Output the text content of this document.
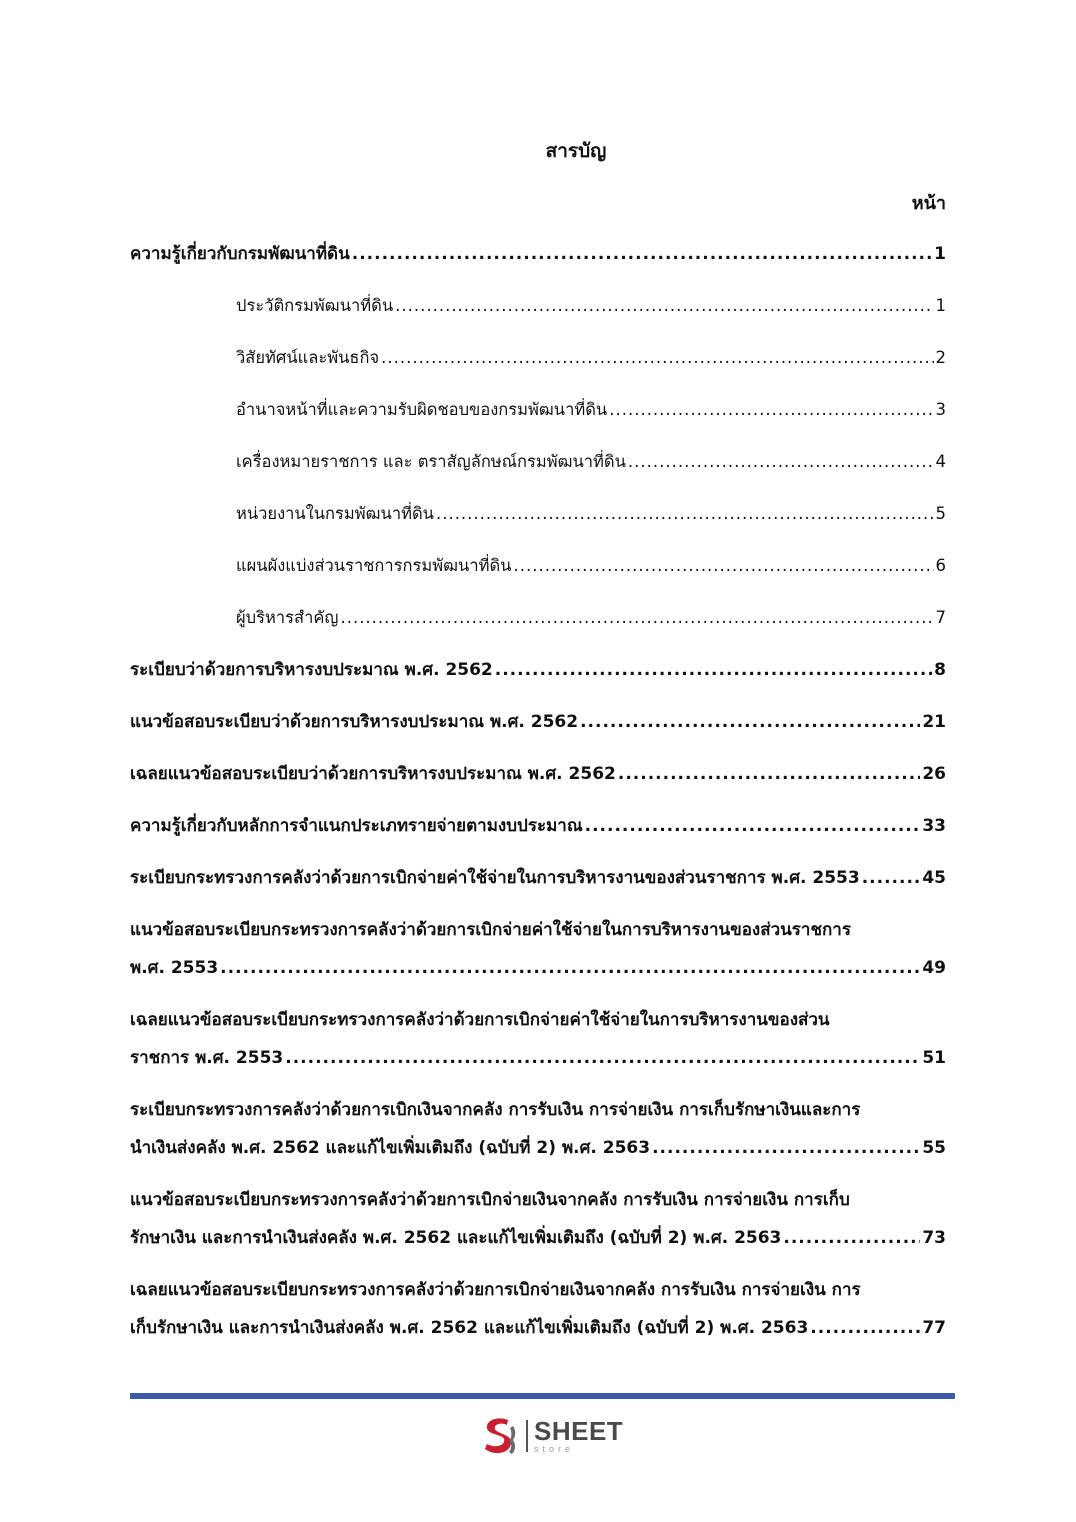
สารบัญ
หน้า
ความรู้เกี่ยวกับกรมพัฒนาที่ดิน .....	1
ประวัติกรมพัฒนาที่ดิน .....	1
วิสัยทัศน์และพันธกิจ .....	2
อำนาจหน้าที่และความรับผิดชอบของกรมพัฒนาที่ดิน .....	3
เครื่องหมายราชการ และ ตราสัญลักษณ์กรมพัฒนาที่ดิน .....	4
หน่วยงานในกรมพัฒนาที่ดิน .....	5
แผนผังแบ่งส่วนราชการกรมพัฒนาที่ดิน .....	6
ผู้บริหารสำคัญ .....	7
ระเบียบว่าด้วยการบริหารงบประมาณ พ.ศ. 2562 .....	8
แนวข้อสอบระเบียบว่าด้วยการบริหารงบประมาณ พ.ศ. 2562 .....	21
เฉลยแนวข้อสอบระเบียบว่าด้วยการบริหารงบประมาณ พ.ศ. 2562 .....	26
ความรู้เกี่ยวกับหลักการจำแนกประเภทรายจ่ายตามงบประมาณ .....	33
ระเบียบกระทรวงการคลังว่าด้วยการเบิกจ่ายค่าใช้จ่ายในการบริหารงานของส่วนราชการ พ.ศ. 2553 .....	45
แนวข้อสอบระเบียบกระทรวงการคลังว่าด้วยการเบิกจ่ายค่าใช้จ่ายในการบริหารงานของส่วนราชการ
พ.ศ. 2553 .....	49
เฉลยแนวข้อสอบระเบียบกระทรวงการคลังว่าด้วยการเบิกจ่ายค่าใช้จ่ายในการบริหารงานของส่วน
ราชการ พ.ศ. 2553 .....	51
ระเบียบกระทรวงการคลังว่าด้วยการเบิกเงินจากคลัง การรับเงิน การจ่ายเงิน การเก็บรักษาเงินและการ
นำเงินส่งคลัง พ.ศ. 2562 และแก้ไขเพิ่มเติมถึง (ฉบับที่ 2) พ.ศ. 2563 .....	55
แนวข้อสอบระเบียบกระทรวงการคลังว่าด้วยการเบิกจ่ายเงินจากคลัง การรับเงิน การจ่ายเงิน การเก็บ
รักษาเงิน และการนำเงินส่งคลัง พ.ศ. 2562 และแก้ไขเพิ่มเติมถึง (ฉบับที่ 2) พ.ศ. 2563 .....	73
เฉลยแนวข้อสอบระเบียบกระทรวงการคลังว่าด้วยการเบิกจ่ายเงินจากคลัง การรับเงิน การจ่ายเงิน การ
เก็บรักษาเงิน และการนำเงินส่งคลัง พ.ศ. 2562 และแก้ไขเพิ่มเติมถึง (ฉบับที่ 2) พ.ศ. 2563 .....	77
SHEET
store
